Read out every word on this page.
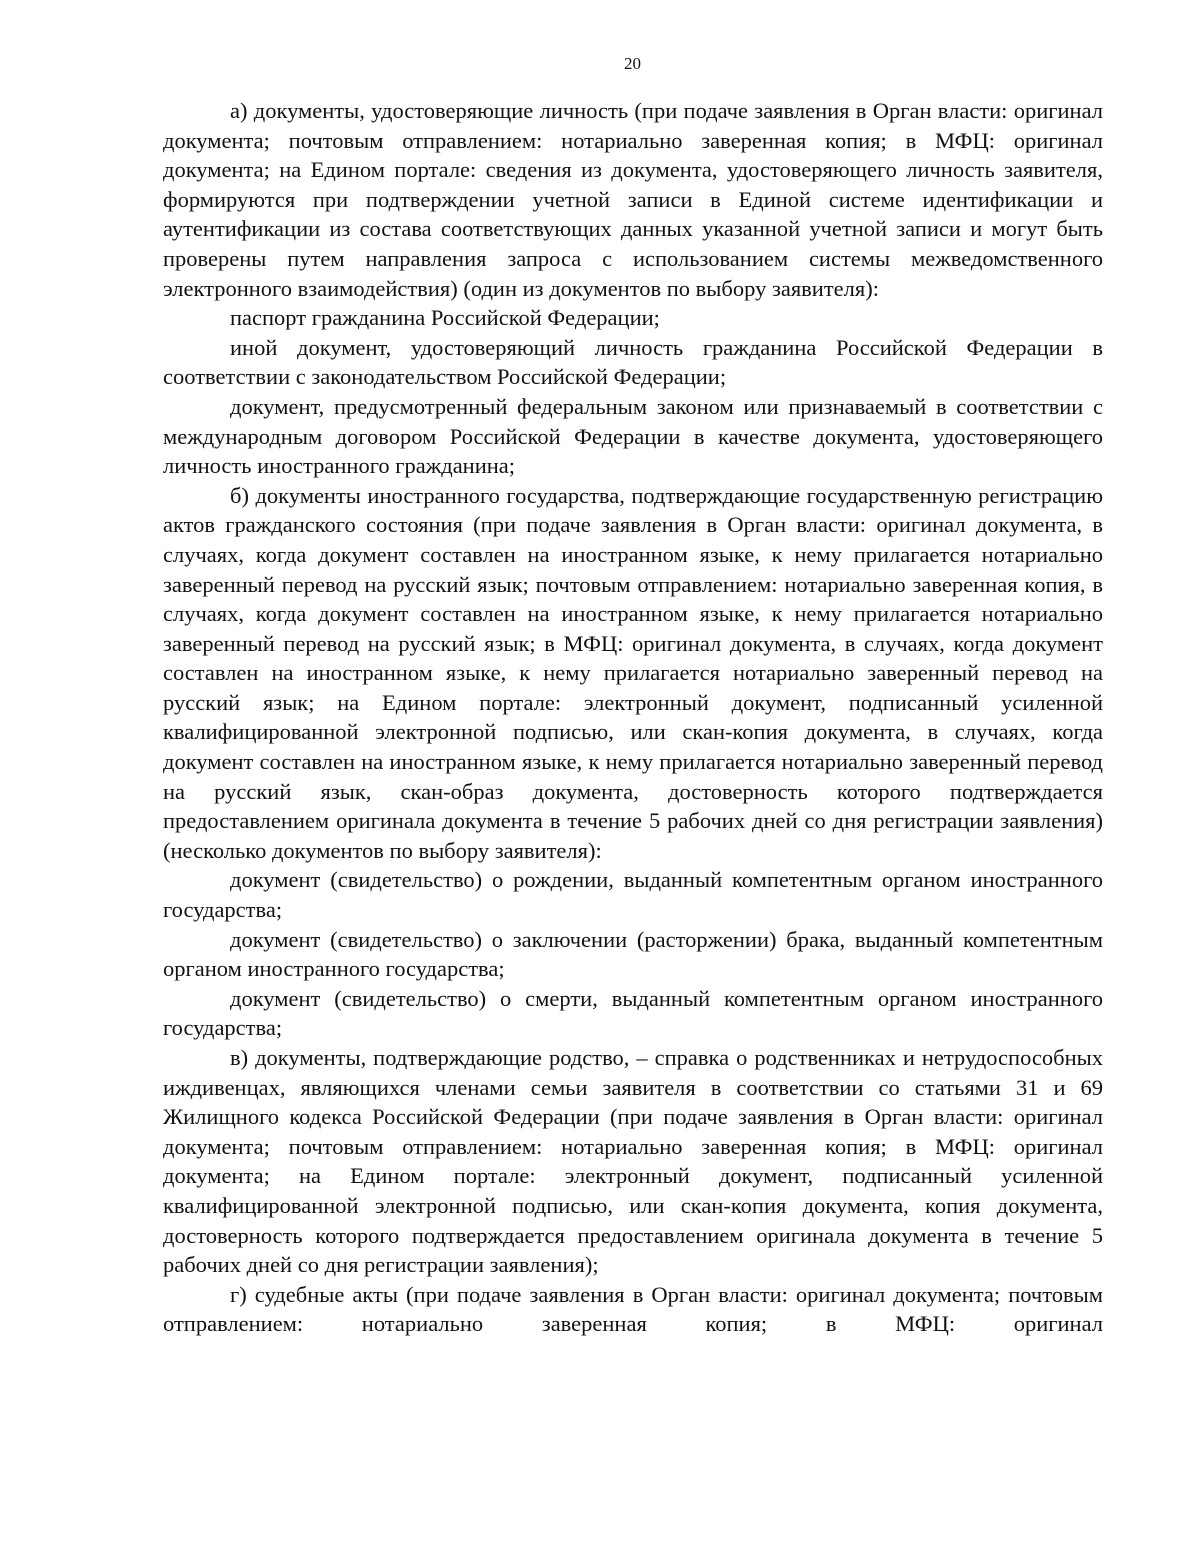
20

а) документы, удостоверяющие личность (при подаче заявления в Орган власти: оригинал документа; почтовым отправлением: нотариально заверенная копия; в МФЦ: оригинал документа; на Едином портале: сведения из документа, удостоверяющего личность заявителя, формируются при подтверждении учетной записи в Единой системе идентификации и аутентификации из состава соответствующих данных указанной учетной записи и могут быть проверены путем направления запроса с использованием системы межведомственного электронного взаимодействия) (один из документов по выбору заявителя):

паспорт гражданина Российской Федерации;

иной документ, удостоверяющий личность гражданина Российской Федерации в соответствии с законодательством Российской Федерации;

документ, предусмотренный федеральным законом или признаваемый в соответствии с международным договором Российской Федерации в качестве документа, удостоверяющего личность иностранного гражданина;

б) документы иностранного государства, подтверждающие государственную регистрацию актов гражданского состояния (при подаче заявления в Орган власти: оригинал документа, в случаях, когда документ составлен на иностранном языке, к нему прилагается нотариально заверенный перевод на русский язык; почтовым отправлением: нотариально заверенная копия, в случаях, когда документ составлен на иностранном языке, к нему прилагается нотариально заверенный перевод на русский язык; в МФЦ: оригинал документа, в случаях, когда документ составлен на иностранном языке, к нему прилагается нотариально заверенный перевод на русский язык; на Едином портале: электронный документ, подписанный усиленной квалифицированной электронной подписью, или скан-копия документа, в случаях, когда документ составлен на иностранном языке, к нему прилагается нотариально заверенный перевод на русский язык, скан-образ документа, достоверность которого подтверждается предоставлением оригинала документа в течение 5 рабочих дней со дня регистрации заявления) (несколько документов по выбору заявителя):

документ (свидетельство) о рождении, выданный компетентным органом иностранного государства;

документ (свидетельство) о заключении (расторжении) брака, выданный компетентным органом иностранного государства;

документ (свидетельство) о смерти, выданный компетентным органом иностранного государства;

в) документы, подтверждающие родство, – справка о родственниках и нетрудоспособных иждивенцах, являющихся членами семьи заявителя в соответствии со статьями 31 и 69 Жилищного кодекса Российской Федерации (при подаче заявления в Орган власти: оригинал документа; почтовым отправлением: нотариально заверенная копия; в МФЦ: оригинал документа; на Едином портале: электронный документ, подписанный усиленной квалифицированной электронной подписью, или скан-копия документа, копия документа, достоверность которого подтверждается предоставлением оригинала документа в течение 5 рабочих дней со дня регистрации заявления);

г) судебные акты (при подаче заявления в Орган власти: оригинал документа; почтовым отправлением: нотариально заверенная копия; в МФЦ: оригинал
